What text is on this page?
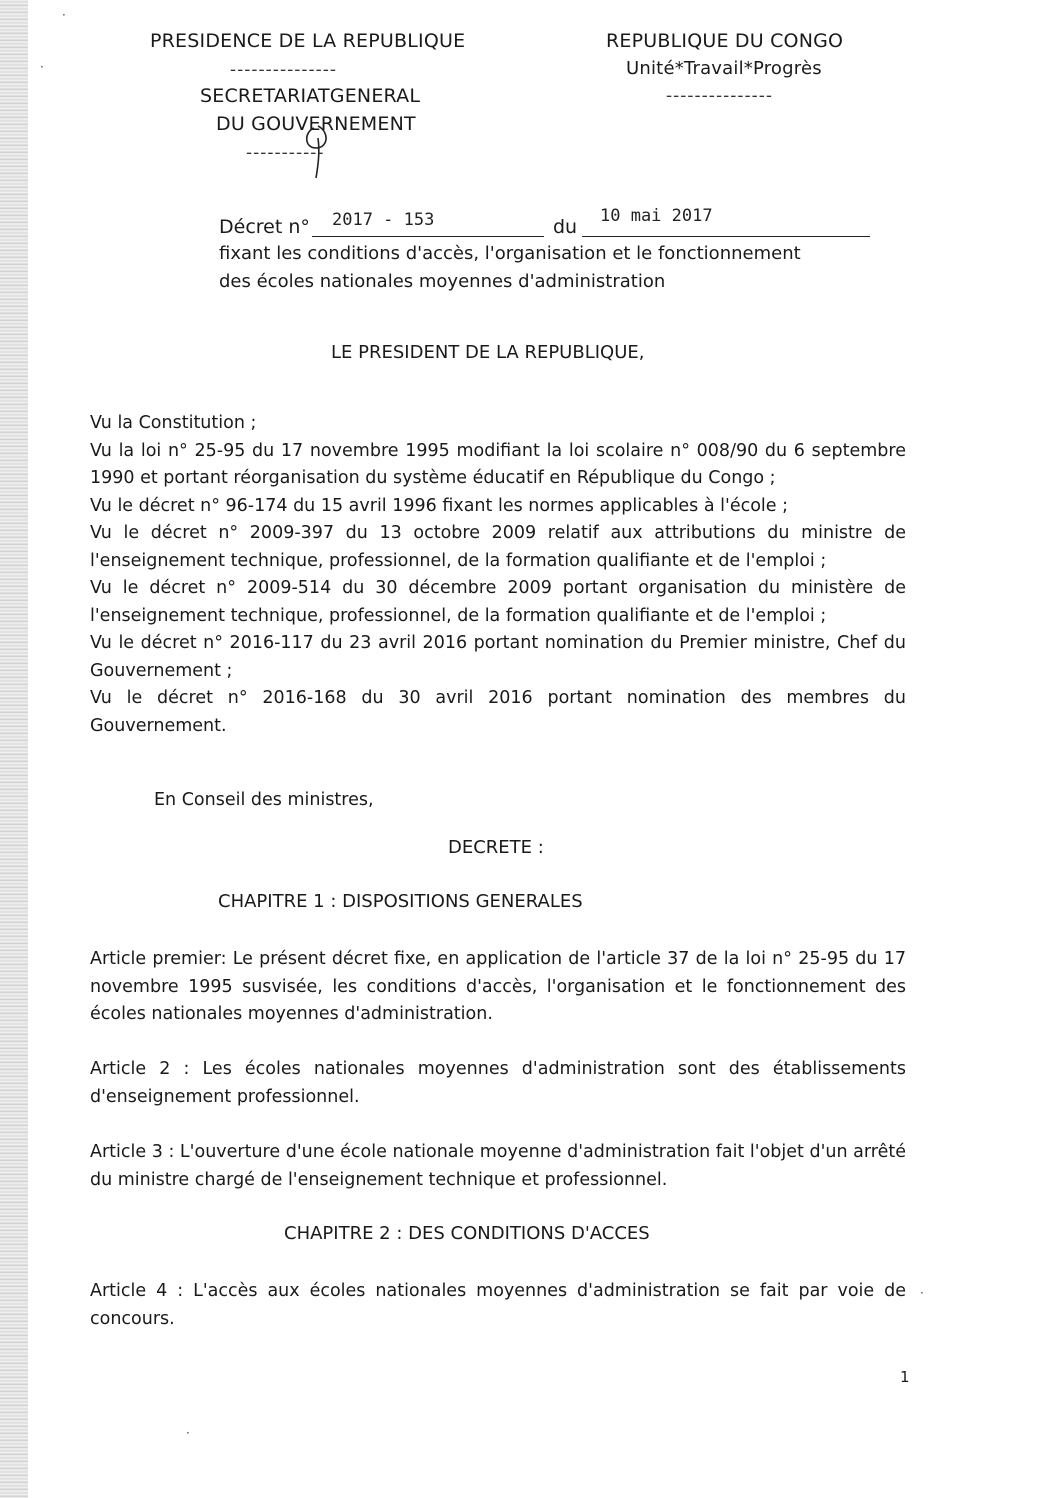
PRESIDENCE DE LA REPUBLIQUE
---------------
SECRETARIATGENERAL
DU GOUVERNEMENT
-----------
REPUBLIQUE DU CONGO
Unité*Travail*Progrès
---------------
Décret n° 2017 - 153	du 10 mai 2017
fixant les conditions d'accès, l'organisation et le fonctionnement
des écoles nationales moyennes d'administration
LE PRESIDENT DE LA REPUBLIQUE,

Vu la Constitution ;

Vu la loi n° 25-95 du 17 novembre 1995 modifiant la loi scolaire n° 008/90 du 6 septembre 1990 et portant réorganisation du système éducatif en République du Congo ;

Vu le décret n° 96-174 du 15 avril 1996 fixant les normes applicables à l'école ;

Vu le décret n° 2009-397 du 13 octobre 2009 relatif aux attributions du ministre de l'enseignement technique, professionnel, de la formation qualifiante et de l'emploi ;

Vu le décret n° 2009-514 du 30 décembre 2009 portant organisation du ministère de l'enseignement technique, professionnel, de la formation qualifiante et de l'emploi ;

Vu le décret n° 2016-117 du 23 avril 2016 portant nomination du Premier ministre, Chef du Gouvernement ;

Vu le décret n° 2016-168 du 30 avril 2016 portant nomination des membres du Gouvernement.

En Conseil des ministres,
DECRETE :
CHAPITRE 1 : DISPOSITIONS GENERALES

Article premier: Le présent décret fixe, en application de l'article 37 de la loi n° 25-95 du 17 novembre 1995 susvisée, les conditions d'accès, l'organisation et le fonctionnement des écoles nationales moyennes d'administration.

Article 2 : Les écoles nationales moyennes d'administration sont des établissements d'enseignement professionnel.

Article 3 : L'ouverture d'une école nationale moyenne d'administration fait l'objet d'un arrêté du ministre chargé de l'enseignement technique et professionnel.

CHAPITRE 2 : DES CONDITIONS D'ACCES

Article 4 : L'accès aux écoles nationales moyennes d'administration se fait par voie de concours.

1
·
·
·
·
